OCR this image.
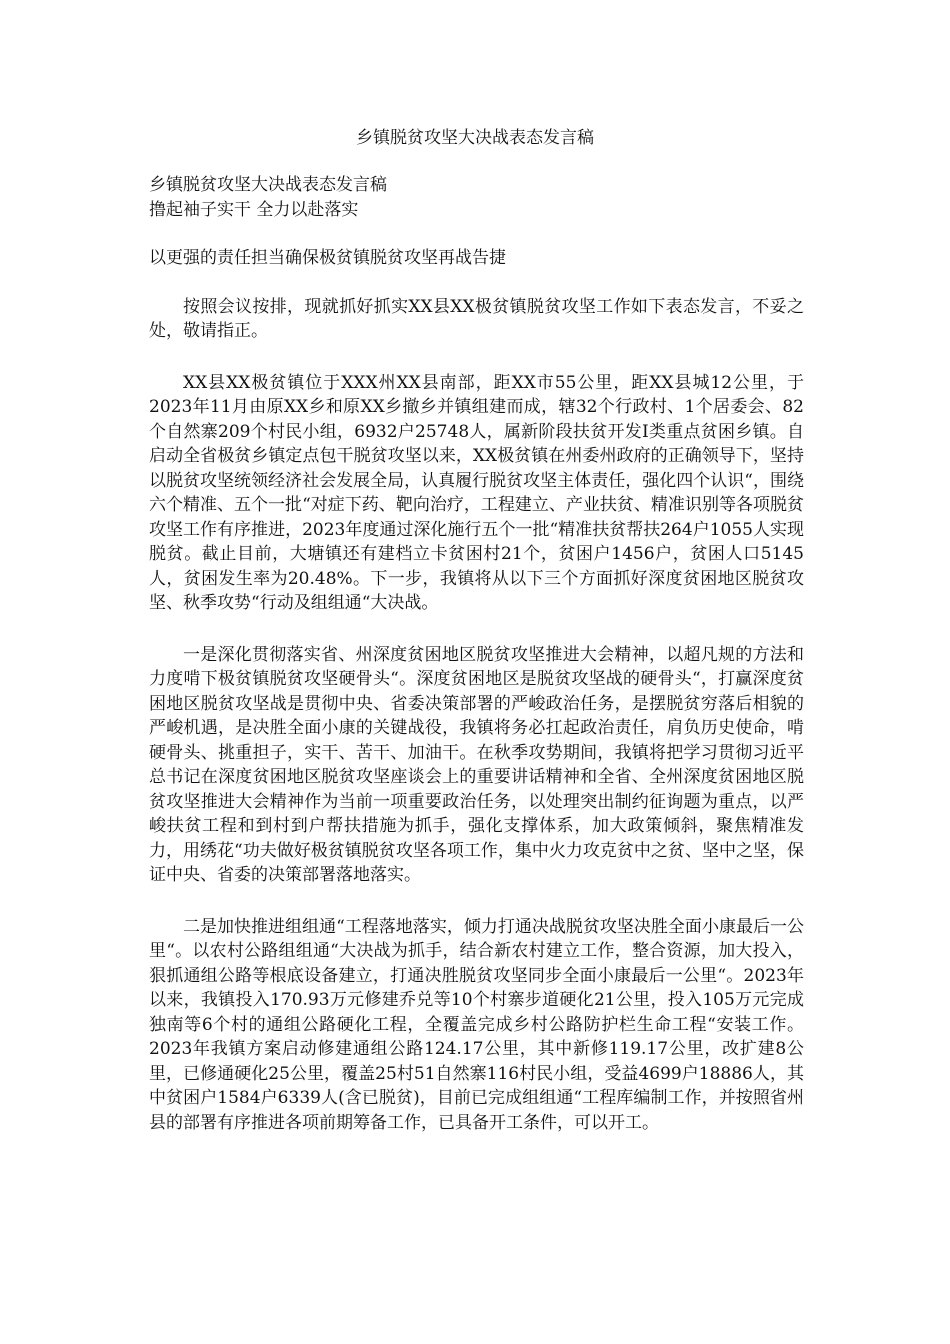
乡镇脱贫攻坚大决战表态发言稿

乡镇脱贫攻坚大决战表态发言稿

撸起袖子实干 全力以赴落实

以更强的责任担当确保极贫镇脱贫攻坚再战告捷

按照会议按排，现就抓好抓实XX县XX极贫镇脱贫攻坚工作如下表态发言，不妥之处，敬请指正。

XX县XX极贫镇位于XXX州XX县南部，距XX市55公里，距XX县城12公里，于2023年11月由原XX乡和原XX乡撤乡并镇组建而成，辖32个行政村、1个居委会、82个自然寨209个村民小组，6932户25748人，属新阶段扶贫开发I类重点贫困乡镇。自启动全省极贫乡镇定点包干脱贫攻坚以来，XX极贫镇在州委州政府的正确领导下，坚持以脱贫攻坚统领经济社会发展全局，认真履行脱贫攻坚主体责任，强化四个认识“，围绕六个精准、五个一批“对症下药、靶向治疗，工程建立、产业扶贫、精准识别等各项脱贫攻坚工作有序推进，2023年度通过深化施行五个一批“精准扶贫帮扶264户1055人实现脱贫。截止目前，大塘镇还有建档立卡贫困村21个，贫困户1456户，贫困人口5145人，贫困发生率为20.48%。下一步，我镇将从以下三个方面抓好深度贫困地区脱贫攻坚、秋季攻势“行动及组组通“大决战。

一是深化贯彻落实省、州深度贫困地区脱贫攻坚推进大会精神，以超凡规的方法和力度啃下极贫镇脱贫攻坚硬骨头“。深度贫困地区是脱贫攻坚战的硬骨头“，打赢深度贫困地区脱贫攻坚战是贯彻中央、省委决策部署的严峻政治任务，是摆脱贫穷落后相貌的严峻机遇，是决胜全面小康的关键战役，我镇将务必扛起政治责任，肩负历史使命，啃硬骨头、挑重担子，实干、苦干、加油干。在秋季攻势期间，我镇将把学习贯彻习近平总书记在深度贫困地区脱贫攻坚座谈会上的重要讲话精神和全省、全州深度贫困地区脱贫攻坚推进大会精神作为当前一项重要政治任务，以处理突出制约征询题为重点，以严峻扶贫工程和到村到户帮扶措施为抓手，强化支撑体系，加大政策倾斜，聚焦精准发力，用绣花“功夫做好极贫镇脱贫攻坚各项工作，集中火力攻克贫中之贫、坚中之坚，保证中央、省委的决策部署落地落实。

二是加快推进组组通“工程落地落实，倾力打通决战脱贫攻坚决胜全面小康最后一公里“。以农村公路组组通“大决战为抓手，结合新农村建立工作，整合资源，加大投入，狠抓通组公路等根底设备建立，打通决胜脱贫攻坚同步全面小康最后一公里“。2023年以来，我镇投入170.93万元修建乔兑等10个村寨步道硬化21公里，投入105万元完成独南等6个村的通组公路硬化工程，全覆盖完成乡村公路防护栏生命工程“安装工作。2023年我镇方案启动修建通组公路124.17公里，其中新修119.17公里，改扩建8公里，已修通硬化25公里，覆盖25村51自然寨116村民小组，受益4699户18886人，其中贫困户1584户6339人(含已脱贫)，目前已完成组组通“工程库编制工作，并按照省州县的部署有序推进各项前期筹备工作，已具备开工条件，可以开工。
